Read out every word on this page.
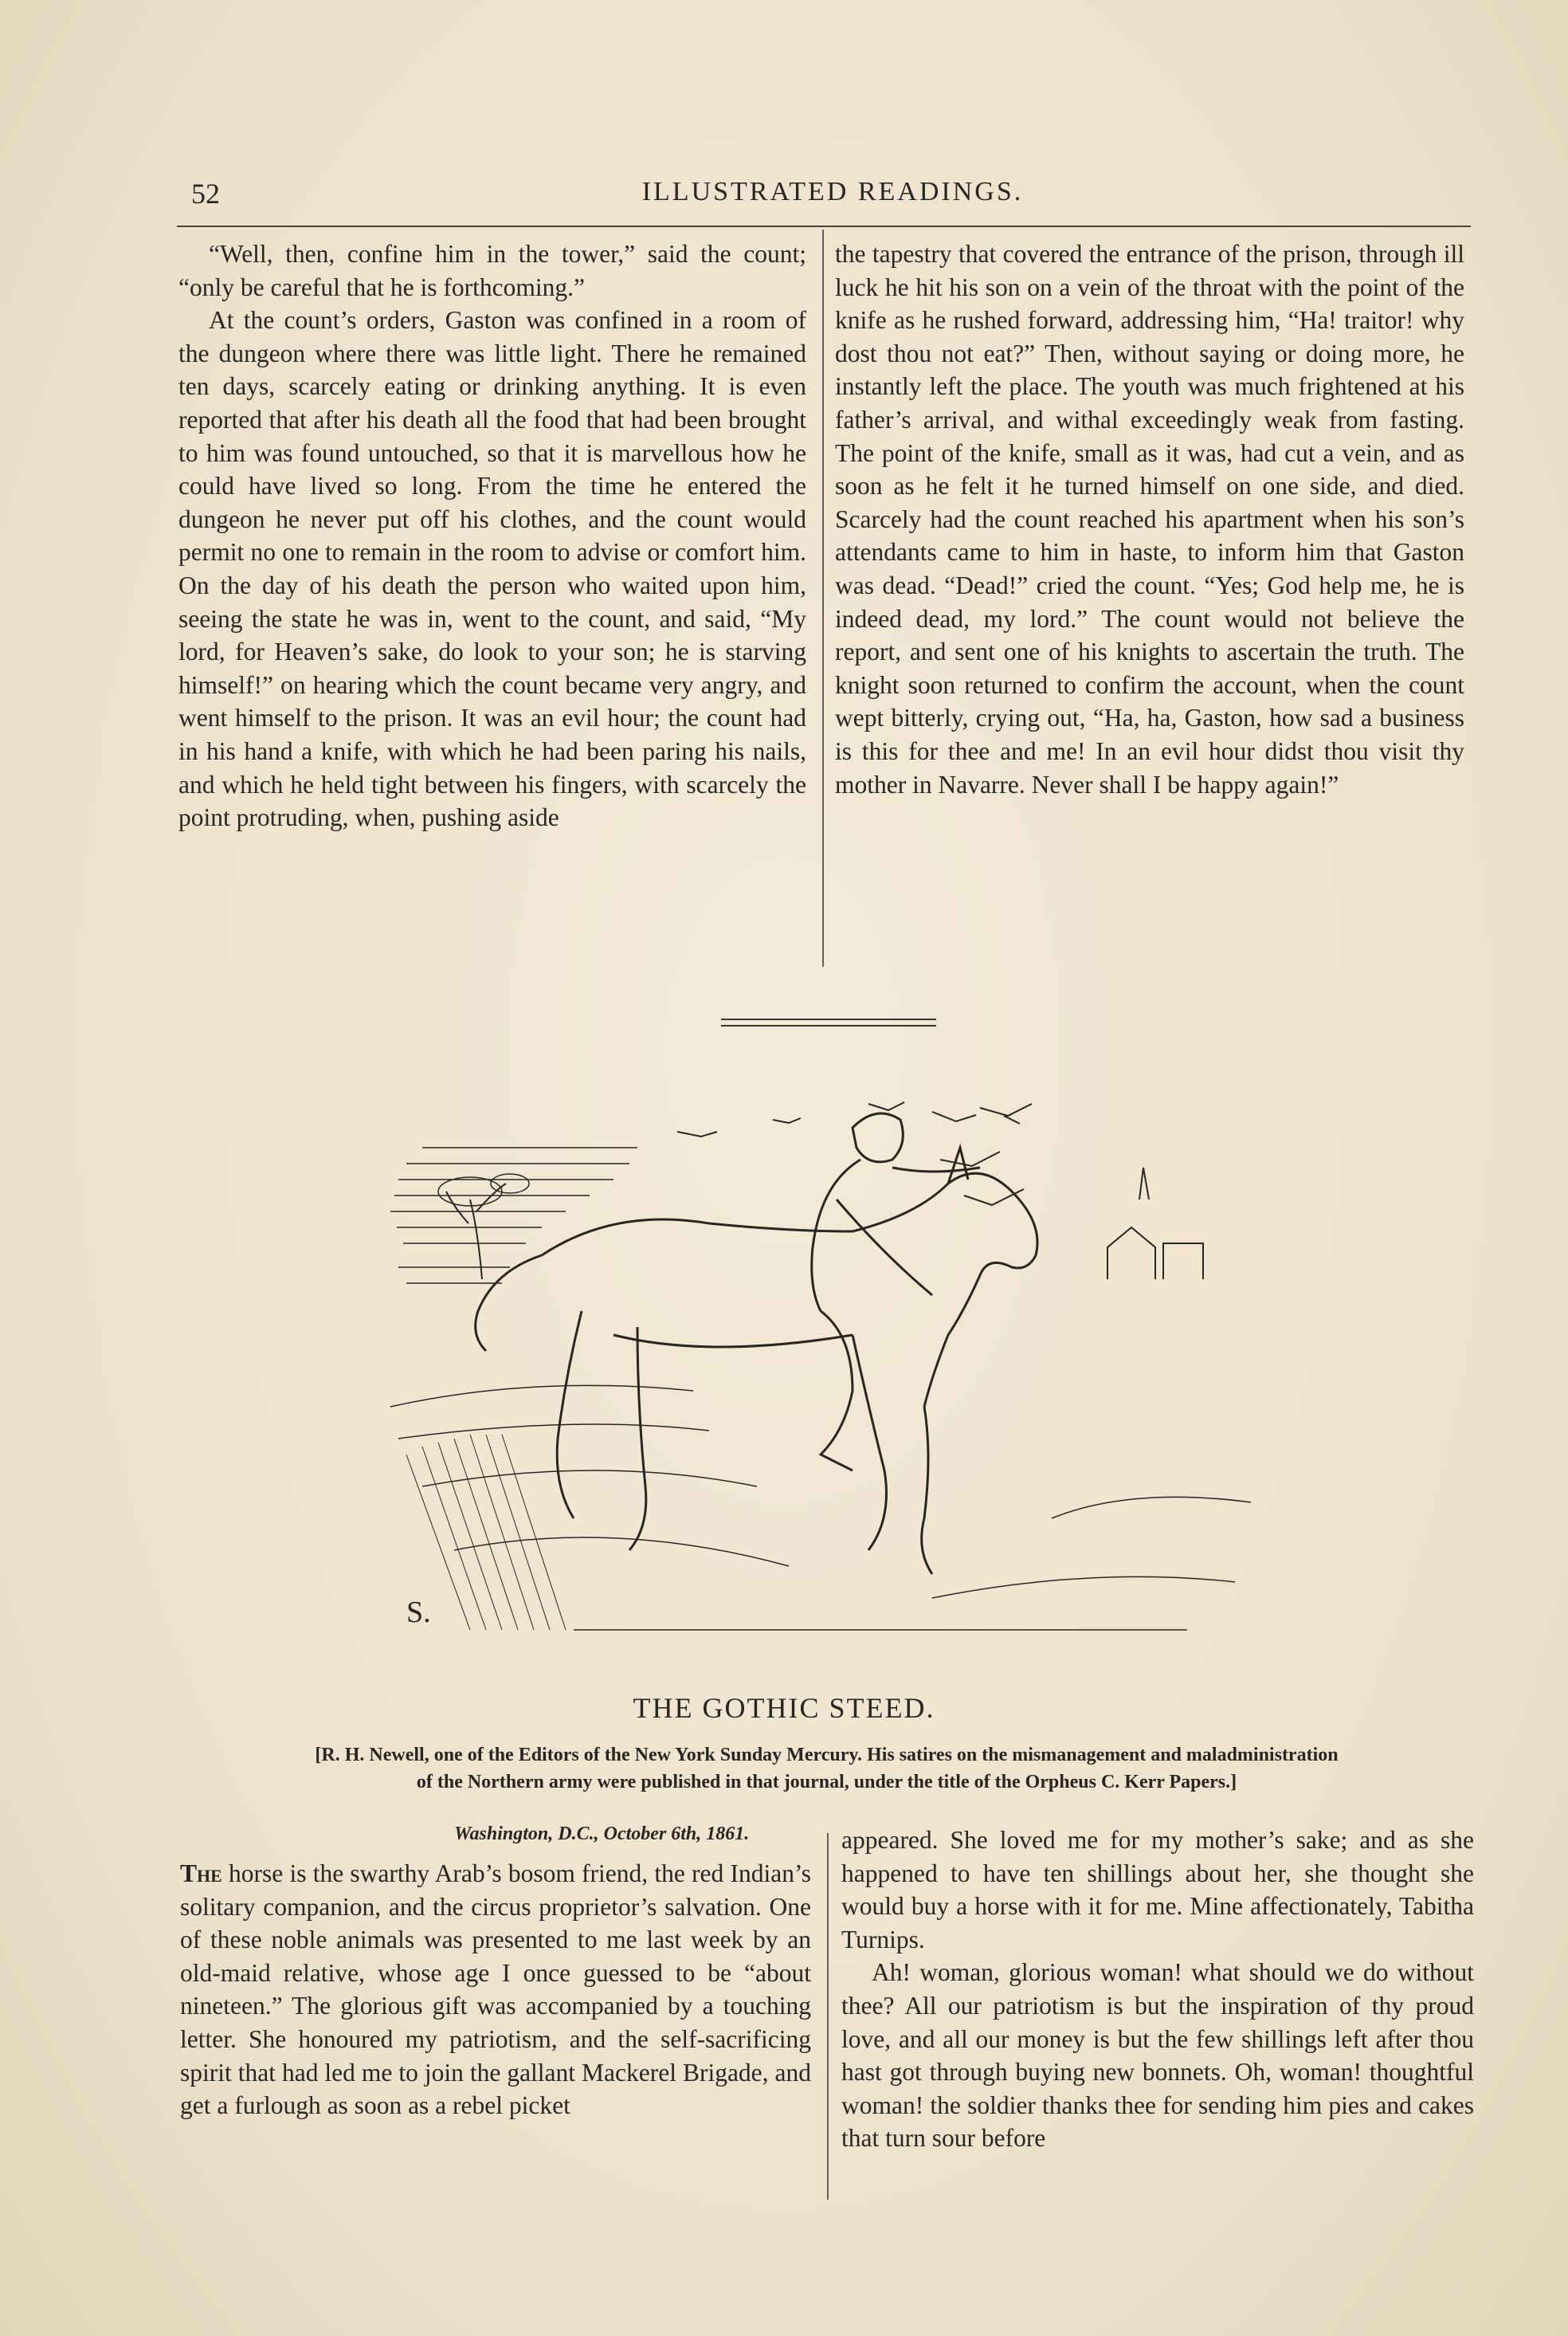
52	ILLUSTRATED READINGS.

“Well, then, confine him in the tower,” said the count; “only be careful that he is forthcoming.”

At the count’s orders, Gaston was confined in a room of the dungeon where there was little light. There he remained ten days, scarcely eating or drinking anything. It is even reported that after his death all the food that had been brought to him was found untouched, so that it is marvellous how he could have lived so long. From the time he entered the dungeon he never put off his clothes, and the count would permit no one to remain in the room to advise or comfort him. On the day of his death the person who waited upon him, seeing the state he was in, went to the count, and said, “My lord, for Heaven’s sake, do look to your son; he is starving himself!” on hearing which the count became very angry, and went himself to the prison. It was an evil hour; the count had in his hand a knife, with which he had been paring his nails, and which he held tight between his fingers, with scarcely the point protruding, when, pushing aside

the tapestry that covered the entrance of the prison, through ill luck he hit his son on a vein of the throat with the point of the knife as he rushed forward, addressing him, “Ha! traitor! why dost thou not eat?” Then, without saying or doing more, he instantly left the place. The youth was much frightened at his father’s arrival, and withal exceedingly weak from fasting. The point of the knife, small as it was, had cut a vein, and as soon as he felt it he turned himself on one side, and died. Scarcely had the count reached his apartment when his son’s attendants came to him in haste, to inform him that Gaston was dead. “Dead!” cried the count. “Yes; God help me, he is indeed dead, my lord.” The count would not believe the report, and sent one of his knights to ascertain the truth. The knight soon returned to confirm the account, when the count wept bitterly, crying out, “Ha, ha, Gaston, how sad a business is this for thee and me! In an evil hour didst thou visit thy mother in Navarre. Never shall I be happy again!”

S.
THE GOTHIC STEED.
[R. H. Newell, one of the Editors of the New York Sunday Mercury. His satires on the mismanagement and maladministration
of the Northern army were published in that journal, under the title of the Orpheus C. Kerr Papers.]
Washington, D.C., October 6th, 1861.

The horse is the swarthy Arab’s bosom friend, the red Indian’s solitary companion, and the circus proprietor’s salvation. One of these noble animals was presented to me last week by an old-maid relative, whose age I once guessed to be “about nineteen.” The glorious gift was accompanied by a touching letter. She honoured my patriotism, and the self-sacrificing spirit that had led me to join the gallant Mackerel Brigade, and get a furlough as soon as a rebel picket

appeared. She loved me for my mother’s sake; and as she happened to have ten shillings about her, she thought she would buy a horse with it for me. Mine affectionately, Tabitha Turnips.

Ah! woman, glorious woman! what should we do without thee? All our patriotism is but the inspiration of thy proud love, and all our money is but the few shillings left after thou hast got through buying new bonnets. Oh, woman! thoughtful woman! the soldier thanks thee for sending him pies and cakes that turn sour before
